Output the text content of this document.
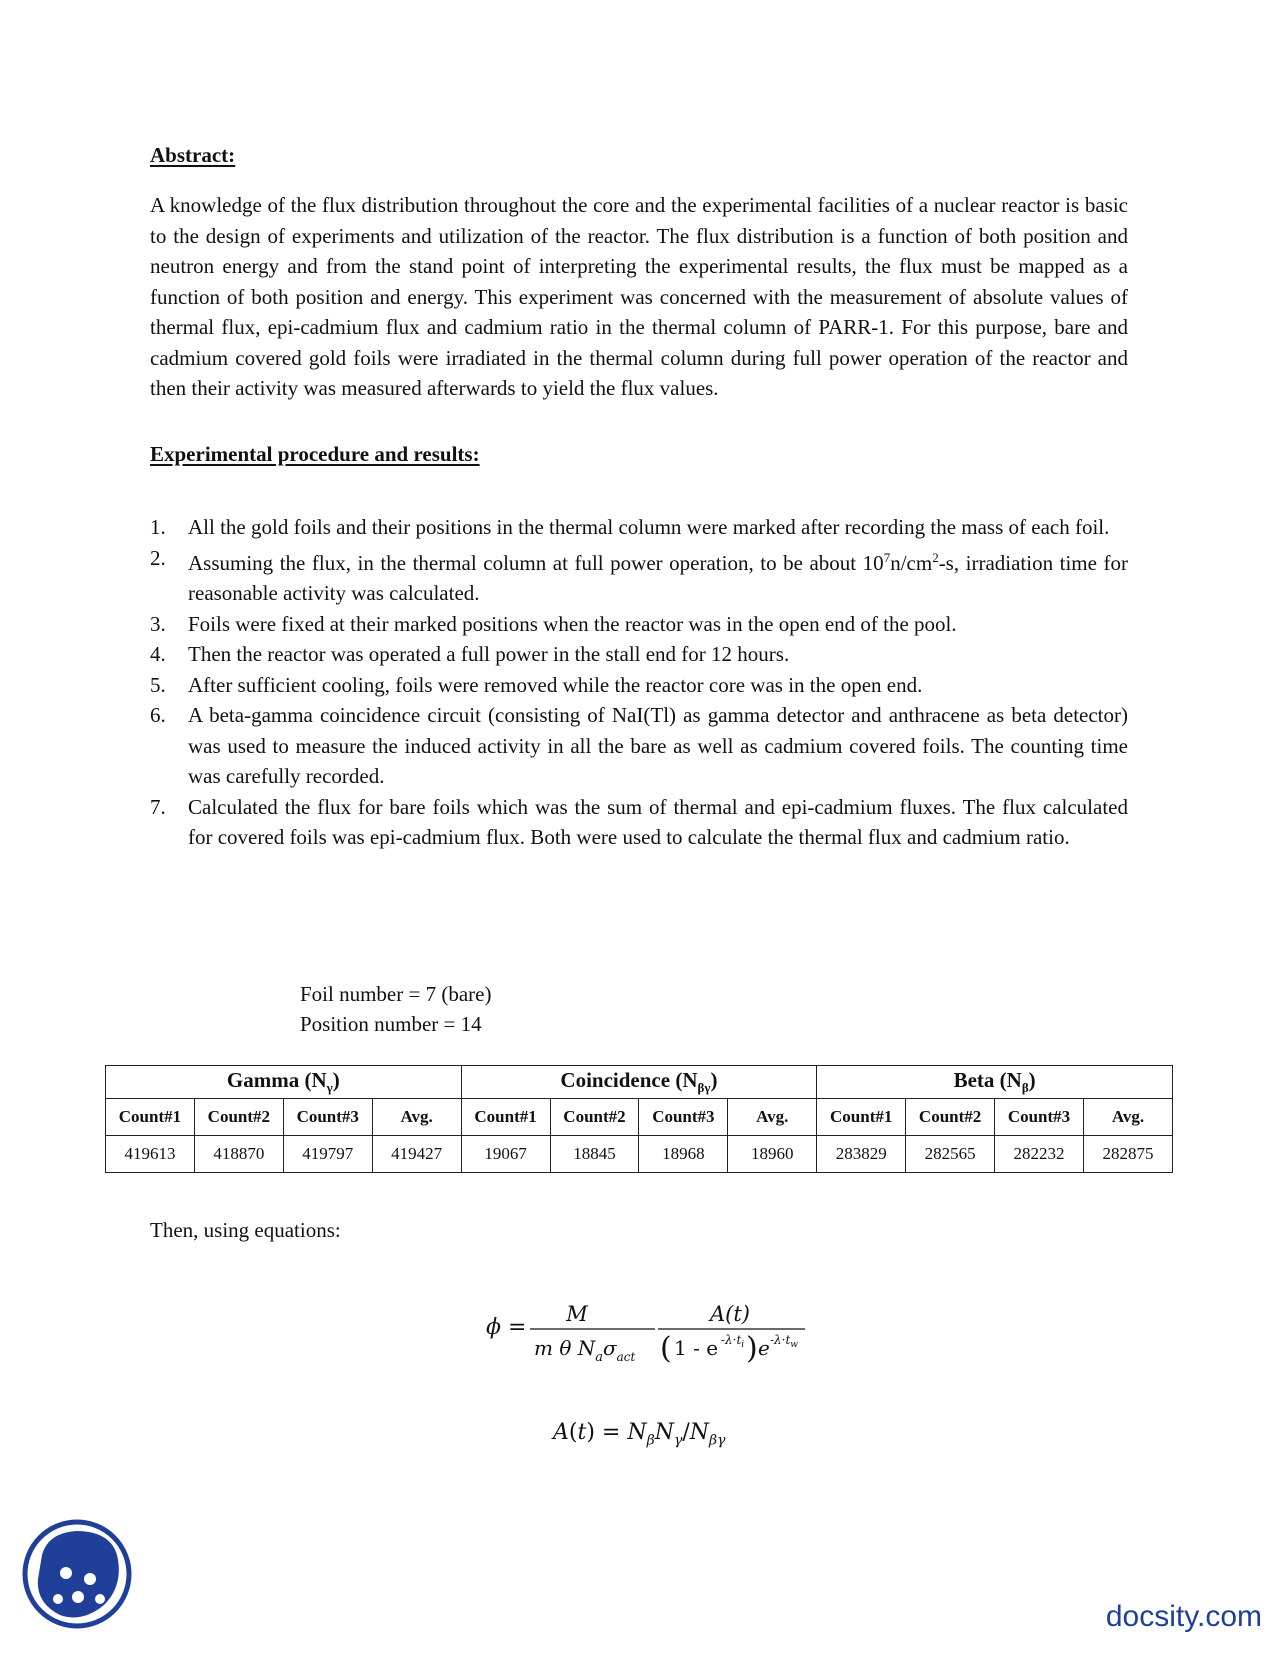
Abstract:

A knowledge of the flux distribution throughout the core and the experimental facilities of a nuclear reactor is basic to the design of experiments and utilization of the reactor. The flux distribution is a function of both position and neutron energy and from the stand point of interpreting the experimental results, the flux must be mapped as a function of both position and energy. This experiment was concerned with the measurement of absolute values of thermal flux, epi-cadmium flux and cadmium ratio in the thermal column of PARR-1. For this purpose, bare and cadmium covered gold foils were irradiated in the thermal column during full power operation of the reactor and then their activity was measured afterwards to yield the flux values.

Experimental procedure and results:
1.	All the gold foils and their positions in the thermal column were marked after recording the mass of each foil.
2.	Assuming the flux, in the thermal column at full power operation, to be about $10^7n/cm^2-s$, irradiation time for reasonable activity was calculated.
3.	Foils were fixed at their marked positions when the reactor was in the open end of the pool.
4.	Then the reactor was operated a full power in the stall end for 12 hours.
5.	After sufficient cooling, foils were removed while the reactor core was in the open end.
6.	A beta-gamma coincidence circuit (consisting of NaI(Tl) as gamma detector and anthracene as beta detector) was used to measure the induced activity in all the bare as well as cadmium covered foils. The counting time was carefully recorded.
7.	Calculated the flux for bare foils which was the sum of thermal and epi-cadmium fluxes. The flux calculated for covered foils was epi-cadmium flux. Both were used to calculate the thermal flux and cadmium ratio.
Foil number = 7 (bare)
Position number = 14
Gamma $(N_\gamma)$				Coincidence $(N_{\beta\gamma})$				Beta $(N_\beta)$			
Count#1	Count#2	Count#3	Avg.	Count#1	Count#2	Count#3	Avg.	Count#1	Count#2	Count#3	Avg.
419613	418870	419797	419427	19067	18845	18968	18960	283829	282565	282232	282875
Then, using equations:
ϕ =
M
m θ $N_a\sigma_{act}$
A(t)
( 1 - e $-\lambda\cdot t_i$ ) e $-\lambda\cdot t_w$
$A(t) = N_\beta N_\gamma/N_{\beta\gamma}$
docsity.com
